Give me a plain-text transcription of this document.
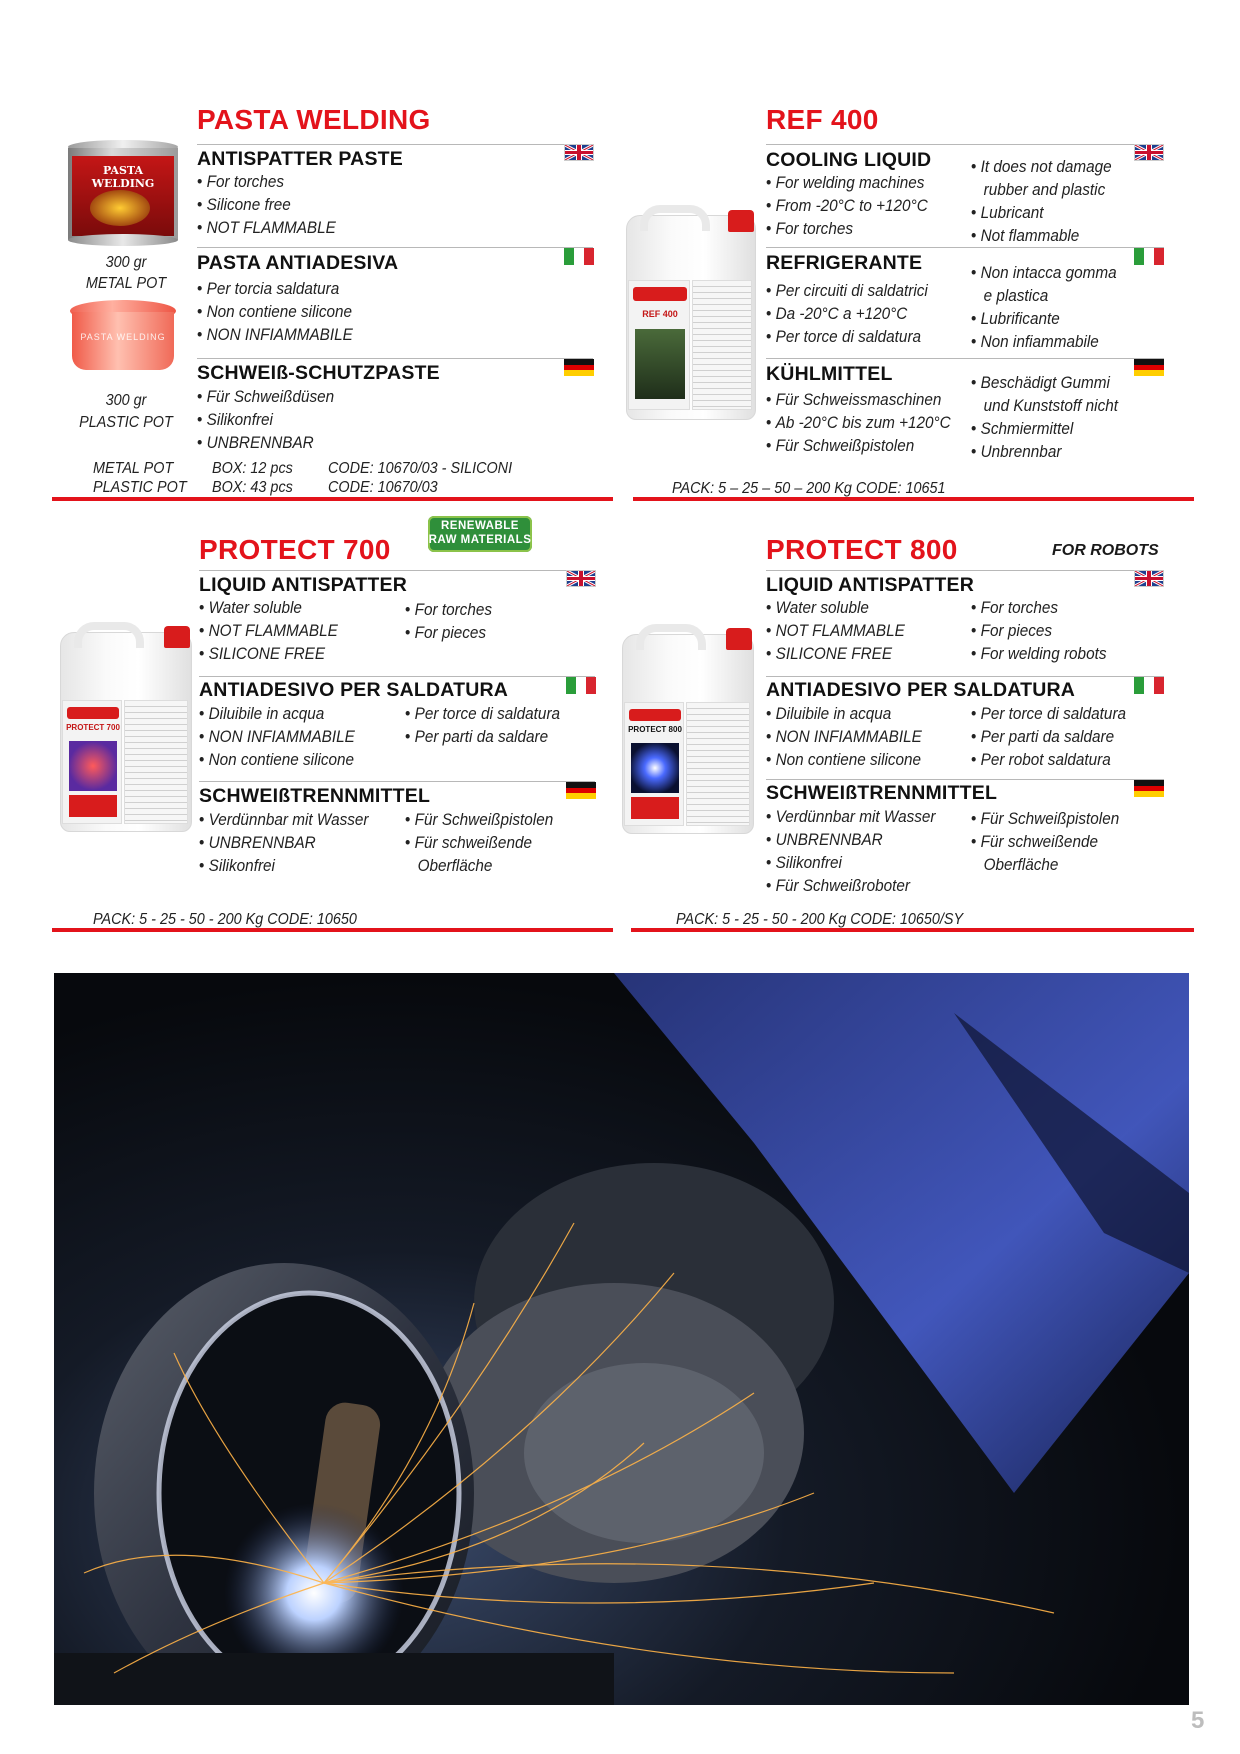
PASTA WELDING
PASTA WELDING
300 gr
METAL POT
PASTA WELDING
300 gr
PLASTIC POT
ANTISPATTER PASTE
• For torches
• Silicone free
• NOT FLAMMABLE
PASTA ANTIADESIVA
• Per torcia saldatura
• Non contiene silicone
• NON INFIAMMABILE
SCHWEIß-SCHUTZPASTE
• Für Schweißdüsen
• Silikonfrei
• UNBRENNBAR
METAL POT BOX: 12 pcs CODE: 10670/03 - SILICONI
PLASTIC POT BOX: 43 pcs CODE: 10670/03
REF 400
REF 400
COOLING LIQUID
• For welding machines
• From -20°C to +120°C
• For torches
• It does not damage
rubber and plastic
• Lubricant
• Not flammable
REFRIGERANTE
• Per circuiti di saldatrici
• Da -20°C a +120°C
• Per torce di saldatura
• Non intacca gomma
e plastica
• Lubrificante
• Non infiammabile
KÜHLMITTEL
• Für Schweissmaschinen
• Ab -20°C bis zum +120°C
• Für Schweißpistolen
• Beschädigt Gummi
und Kunststoff nicht
• Schmiermittel
• Unbrennbar
PACK: 5 – 25 – 50 – 200 Kg CODE: 10651
PROTECT 700
RENEWABLE
RAW MATERIALS
PROTECT 700
LIQUID ANTISPATTER
• Water soluble
• NOT FLAMMABLE
• SILICONE FREE
• For torches
• For pieces
ANTIADESIVO PER SALDATURA
• Diluibile in acqua
• NON INFIAMMABILE
• Non contiene silicone
• Per torce di saldatura
• Per parti da saldare
SCHWEIßTRENNMITTEL
• Verdünnbar mit Wasser
• UNBRENNBAR
• Silikonfrei
• Für Schweißpistolen
• Für schweißende
Oberfläche
PACK: 5 - 25 - 50 - 200 Kg CODE: 10650
PROTECT 800	FOR ROBOTS
PROTECT 800
LIQUID ANTISPATTER
• Water soluble
• NOT FLAMMABLE
• SILICONE FREE
• For torches
• For pieces
• For welding robots
ANTIADESIVO PER SALDATURA
• Diluibile in acqua
• NON INFIAMMABILE
• Non contiene silicone
• Per torce di saldatura
• Per parti da saldare
• Per robot saldatura
SCHWEIßTRENNMITTEL
• Verdünnbar mit Wasser
• UNBRENNBAR
• Silikonfrei
• Für Schweißroboter
• Für Schweißpistolen
• Für schweißende
Oberfläche
PACK: 5 - 25 - 50 - 200 Kg CODE: 10650/SY
5
